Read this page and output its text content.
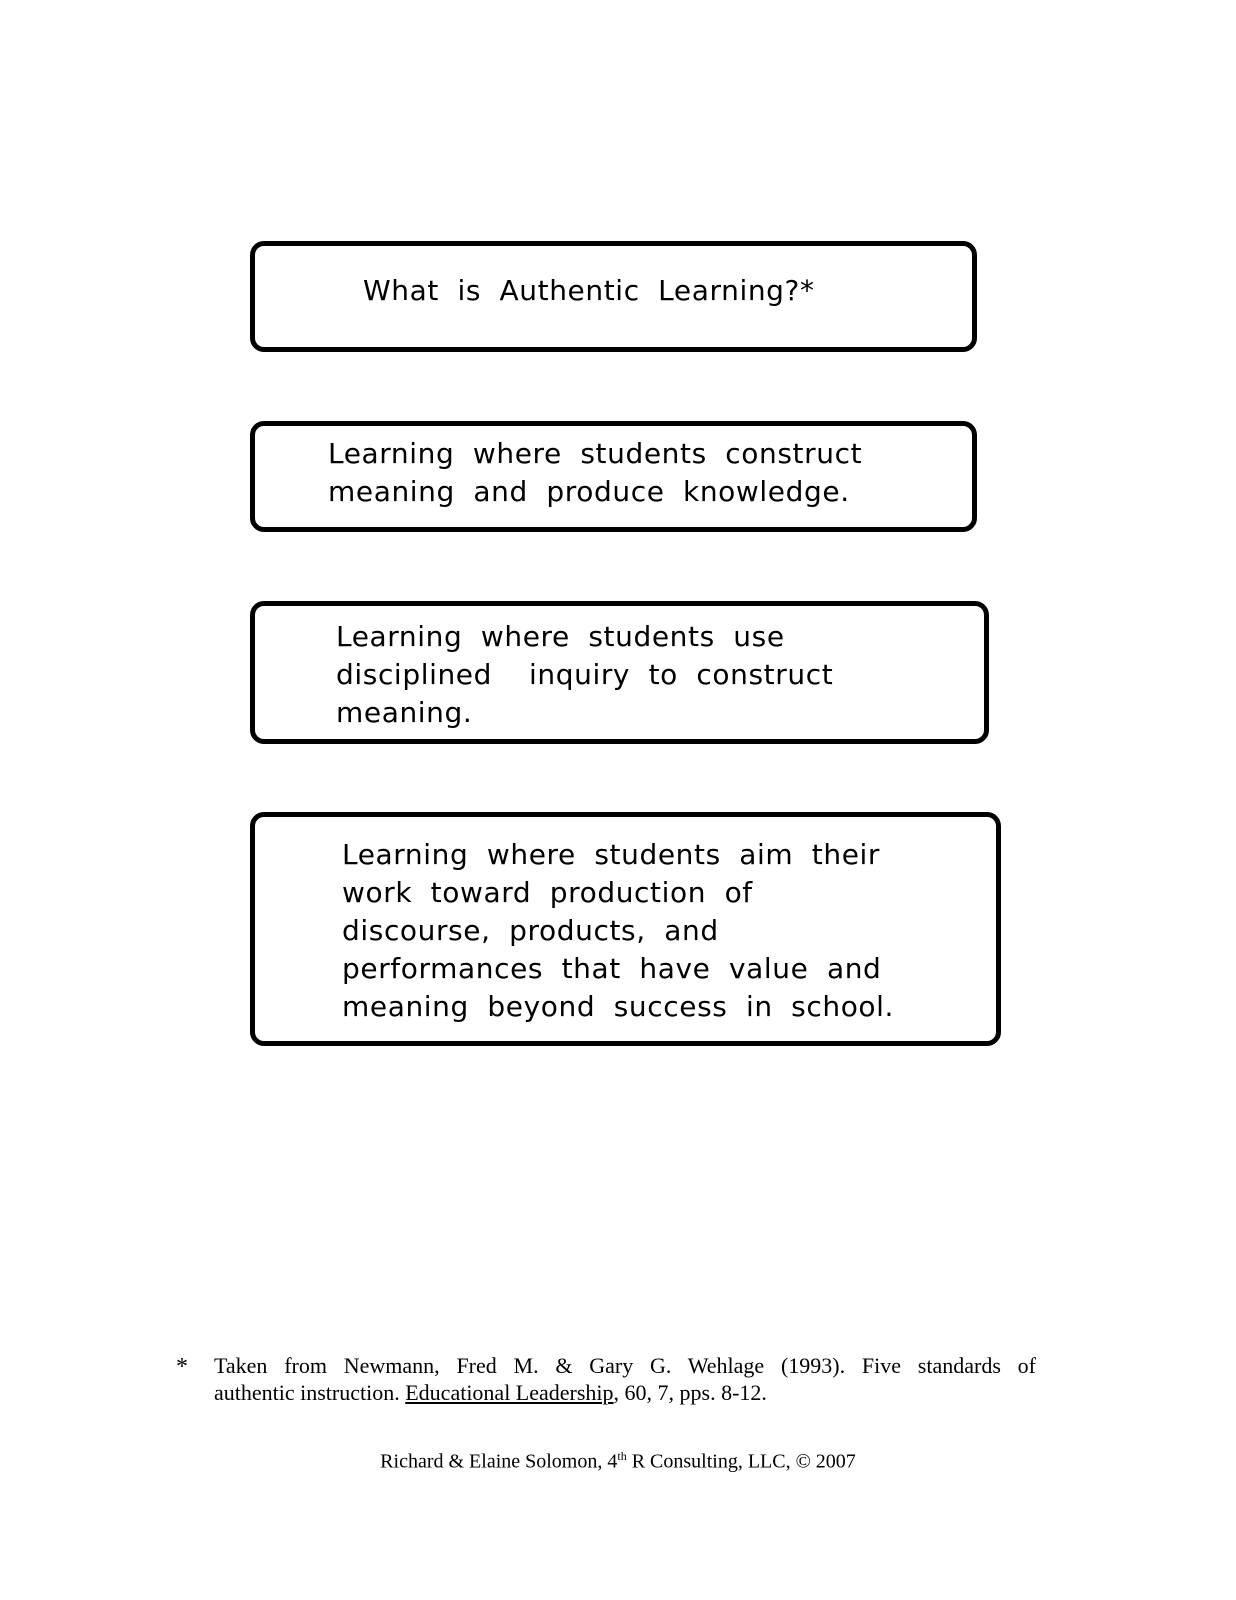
What is Authentic Learning?*
Learning where students construct
meaning and produce knowledge.
Learning where students use
disciplined  inquiry to construct
meaning.
Learning where students aim their
work toward production of
discourse, products, and
performances that have value and
meaning beyond success in school.
* Taken from Newmann, Fred M. & Gary G. Wehlage (1993). Five standards of
authentic instruction. Educational Leadership, 60, 7, pps. 8-12.
Richard & Elaine Solomon, 4th R Consulting, LLC, © 2007
